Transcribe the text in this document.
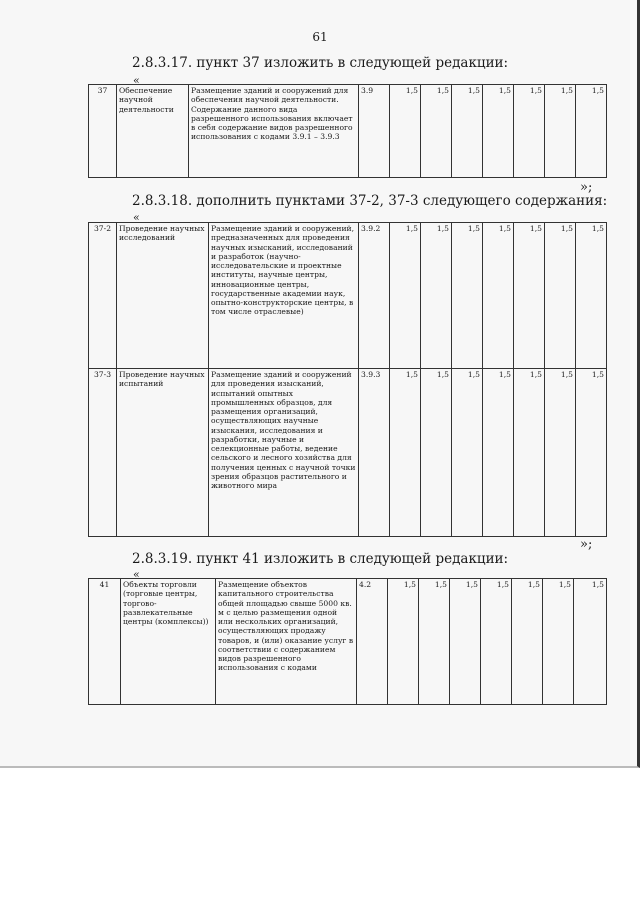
61
2.8.3.17. пункт 37 изложить в следующей редакции:
«
37	Обеспечение научной деятельности	Размещение зданий и сооружений для обеспечения научной деятельности. Содержание данного вида разрешенного использования включает в себя содержание видов разрешенного использования с кодами 3.9.1 – 3.9.3	3.9	1,5	1,5	1,5	1,5	1,5	1,5	1,5
»;
2.8.3.18. дополнить пунктами 37-2, 37-3 следующего содержания:
«
37-2	Проведение научных исследований	Размещение зданий и сооружений, предназначенных для проведения научных изысканий, исследований и разработок (научно-исследовательские и проектные институты, научные центры, инновационные центры, государственные академии наук, опытно-конструкторские центры, в том числе отраслевые)	3.9.2	1,5	1,5	1,5	1,5	1,5	1,5	1,5
37-3	Проведение научных испытаний	Размещение зданий и сооружений для проведения изысканий, испытаний опытных промышленных образцов, для размещения организаций, осуществляющих научные изыскания, исследования и разработки, научные и селекционные работы, ведение сельского и лесного хозяйства для получения ценных с научной точки зрения образцов растительного и животного мира	3.9.3	1,5	1,5	1,5	1,5	1,5	1,5	1,5
»;
2.8.3.19. пункт 41 изложить в следующей редакции:
«
41	Объекты торговли (торговые центры, торгово-развлекательные центры (комплексы))	Размещение объектов капитального строительства общей площадью свыше 5000 кв. м с целью размещения одной или нескольких организаций, осуществляющих продажу товаров, и (или) оказание услуг в соответствии с содержанием видов разрешенного использования с кодами	4.2	1,5	1,5	1,5	1,5	1,5	1,5	1,5
